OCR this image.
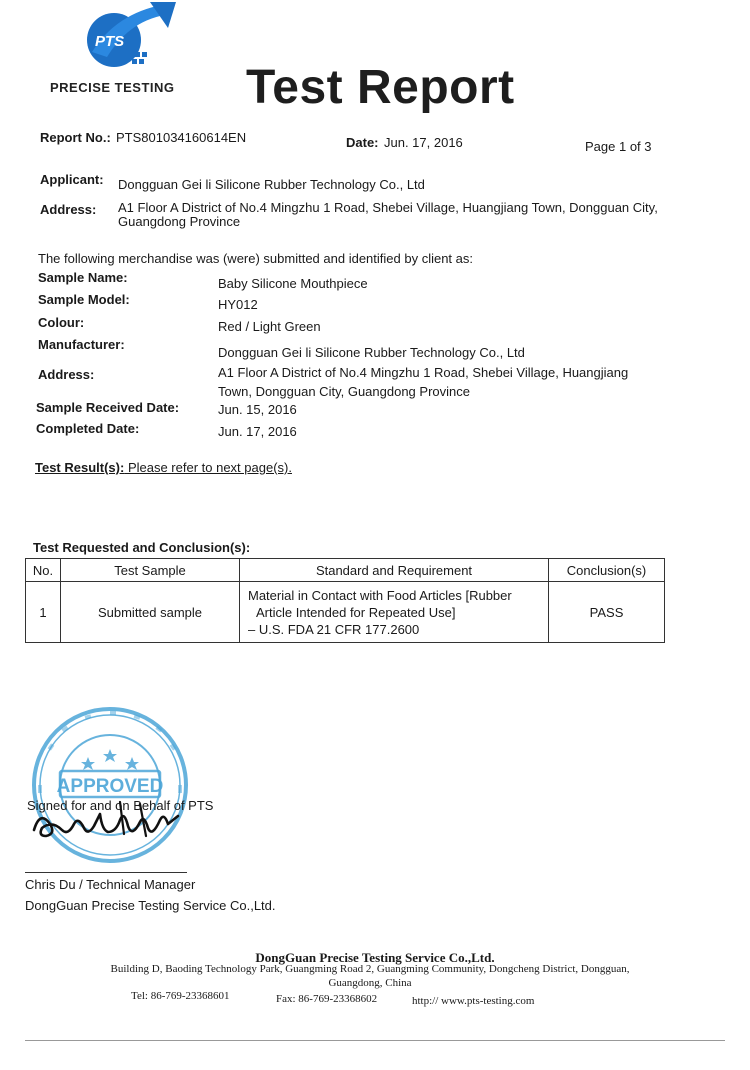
PTS
PRECISE TESTING Test Report
Report No.: PTS801034160614EN	Date: Jun. 17, 2016	Page 1 of 3
Applicant: Dongguan Gei li Silicone Rubber Technology Co., Ltd
Address: A1 Floor A District of No.4 Mingzhu 1 Road, Shebei Village, Huangjiang Town, Dongguan City,
Guangdong Province
The following merchandise was (were) submitted and identified by client as:
Sample Name:	Baby Silicone Mouthpiece
Sample Model:	HY012
Colour:	Red / Light Green
Manufacturer:
Dongguan Gei li Silicone Rubber Technology Co., Ltd
Address:	A1 Floor A District of No.4 Mingzhu 1 Road, Shebei Village, Huangjiang
Town, Dongguan City, Guangdong Province
Sample Received Date:	Jun. 15, 2016
Completed Date:	Jun. 17, 2016
Test Result(s): Please refer to next page(s).
Test Requested and Conclusion(s):
No.	Test Sample	Standard and Requirement	Conclusion(s)
1	Submitted sample	Material in Contact with Food Articles [Rubber
Article Intended for Repeated Use]
– U.S. FDA 21 CFR 177.2600	PASS
APPROVED
Signed for and on Behalf of PTS
Chris Du / Technical Manager
DongGuan Precise Testing Service Co.,Ltd.
DongGuan Precise Testing Service Co.,Ltd.
Building D, Baoding Technology Park, Guangming Road 2, Guangming Community, Dongcheng District, Dongguan,
Guangdong, China
Tel: 86-769-23368601	Fax: 86-769-23368602	http:// www.pts-testing.com
